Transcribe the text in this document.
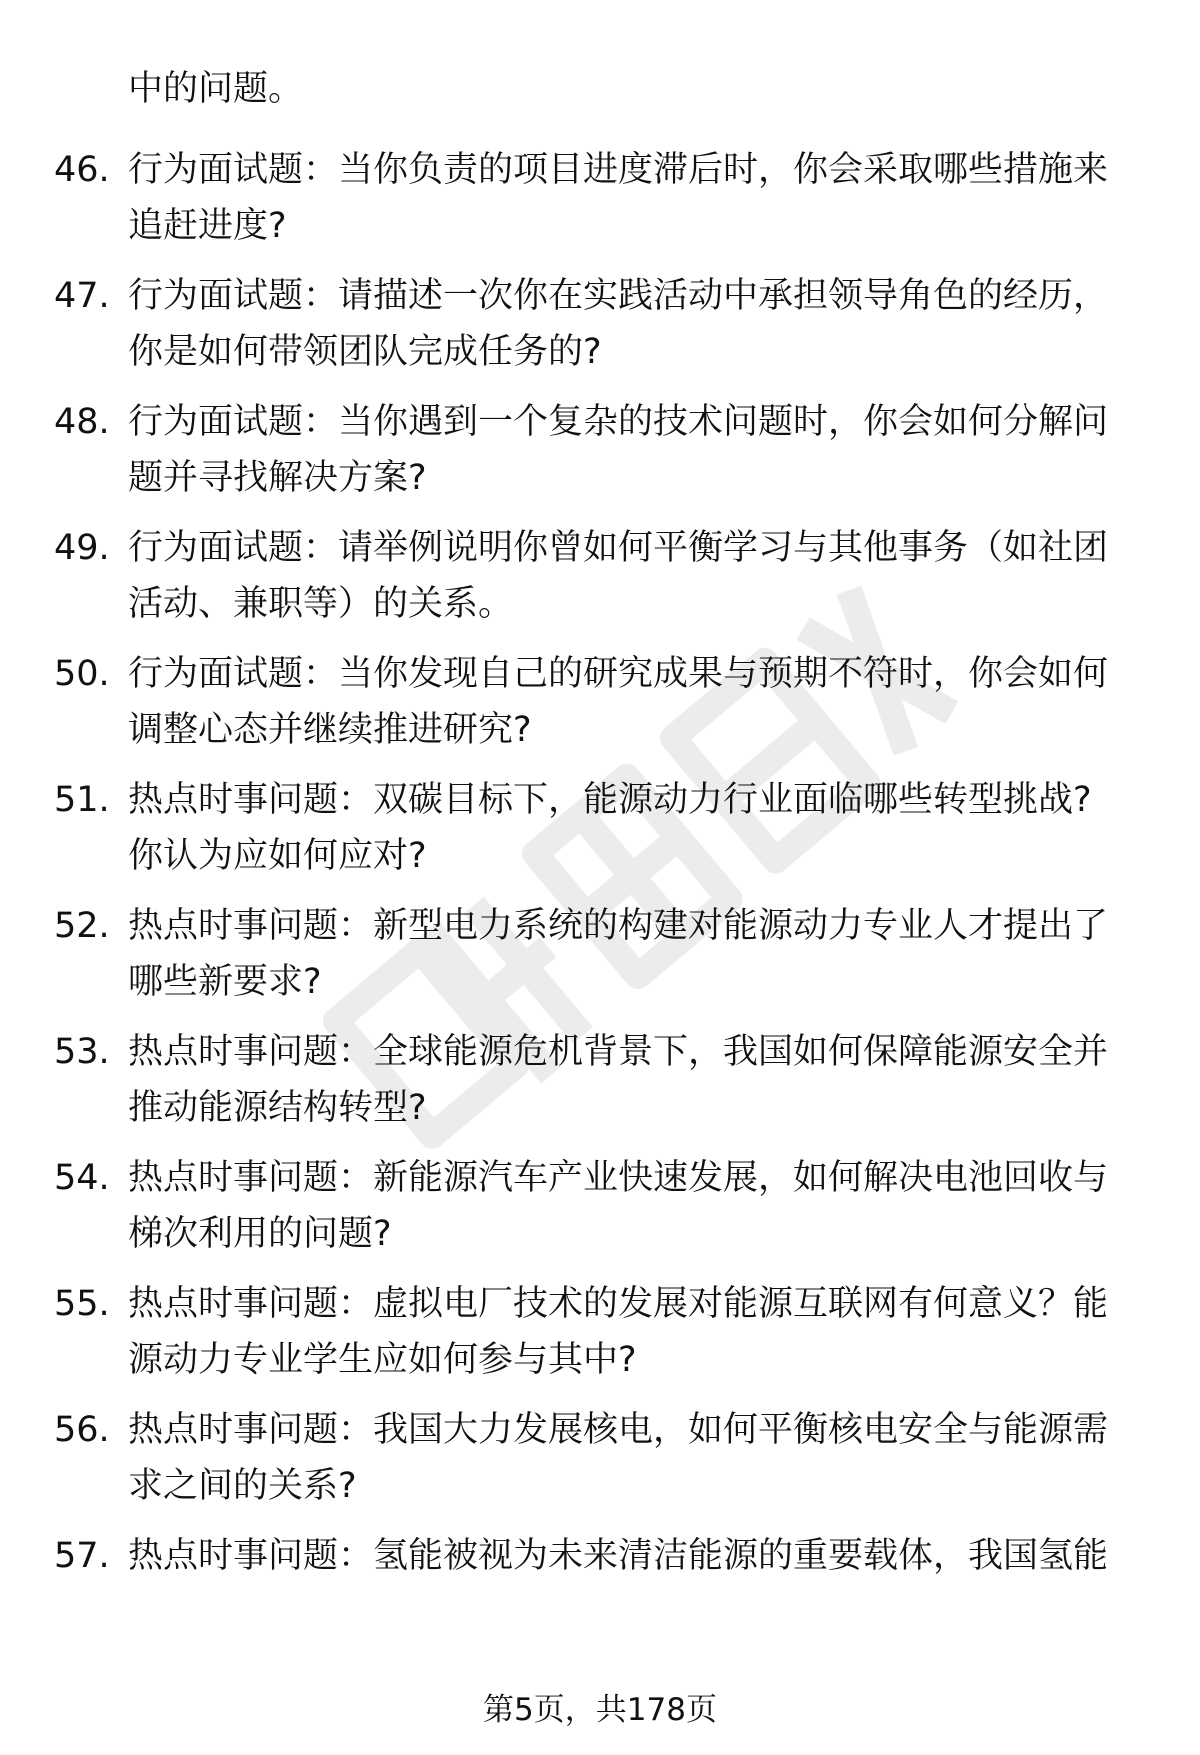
中的问题。

46. 行为面试题：当你负责的项目进度滞后时，你会采取哪些措施来
追赶进度?
47. 行为面试题：请描述一次你在实践活动中承担领导角色的经历，
你是如何带领团队完成任务的?
48. 行为面试题：当你遇到一个复杂的技术问题时，你会如何分解问
题并寻找解决方案?
49. 行为面试题：请举例说明你曾如何平衡学习与其他事务（如社团
活动、兼职等）的关系。
50. 行为面试题：当你发现自己的研究成果与预期不符时，你会如何
调整心态并继续推进研究?
51. 热点时事问题：双碳目标下，能源动力行业面临哪些转型挑战?
你认为应如何应对?
52. 热点时事问题：新型电力系统的构建对能源动力专业人才提出了
哪些新要求?
53. 热点时事问题：全球能源危机背景下，我国如何保障能源安全并
推动能源结构转型?
54. 热点时事问题：新能源汽车产业快速发展，如何解决电池回收与
梯次利用的问题?
55. 热点时事问题：虚拟电厂技术的发展对能源互联网有何意义？能
源动力专业学生应如何参与其中?
56. 热点时事问题：我国大力发展核电，如何平衡核电安全与能源需
求之间的关系?
57. 热点时事问题：氢能被视为未来清洁能源的重要载体，我国氢能
第5页，共178页
